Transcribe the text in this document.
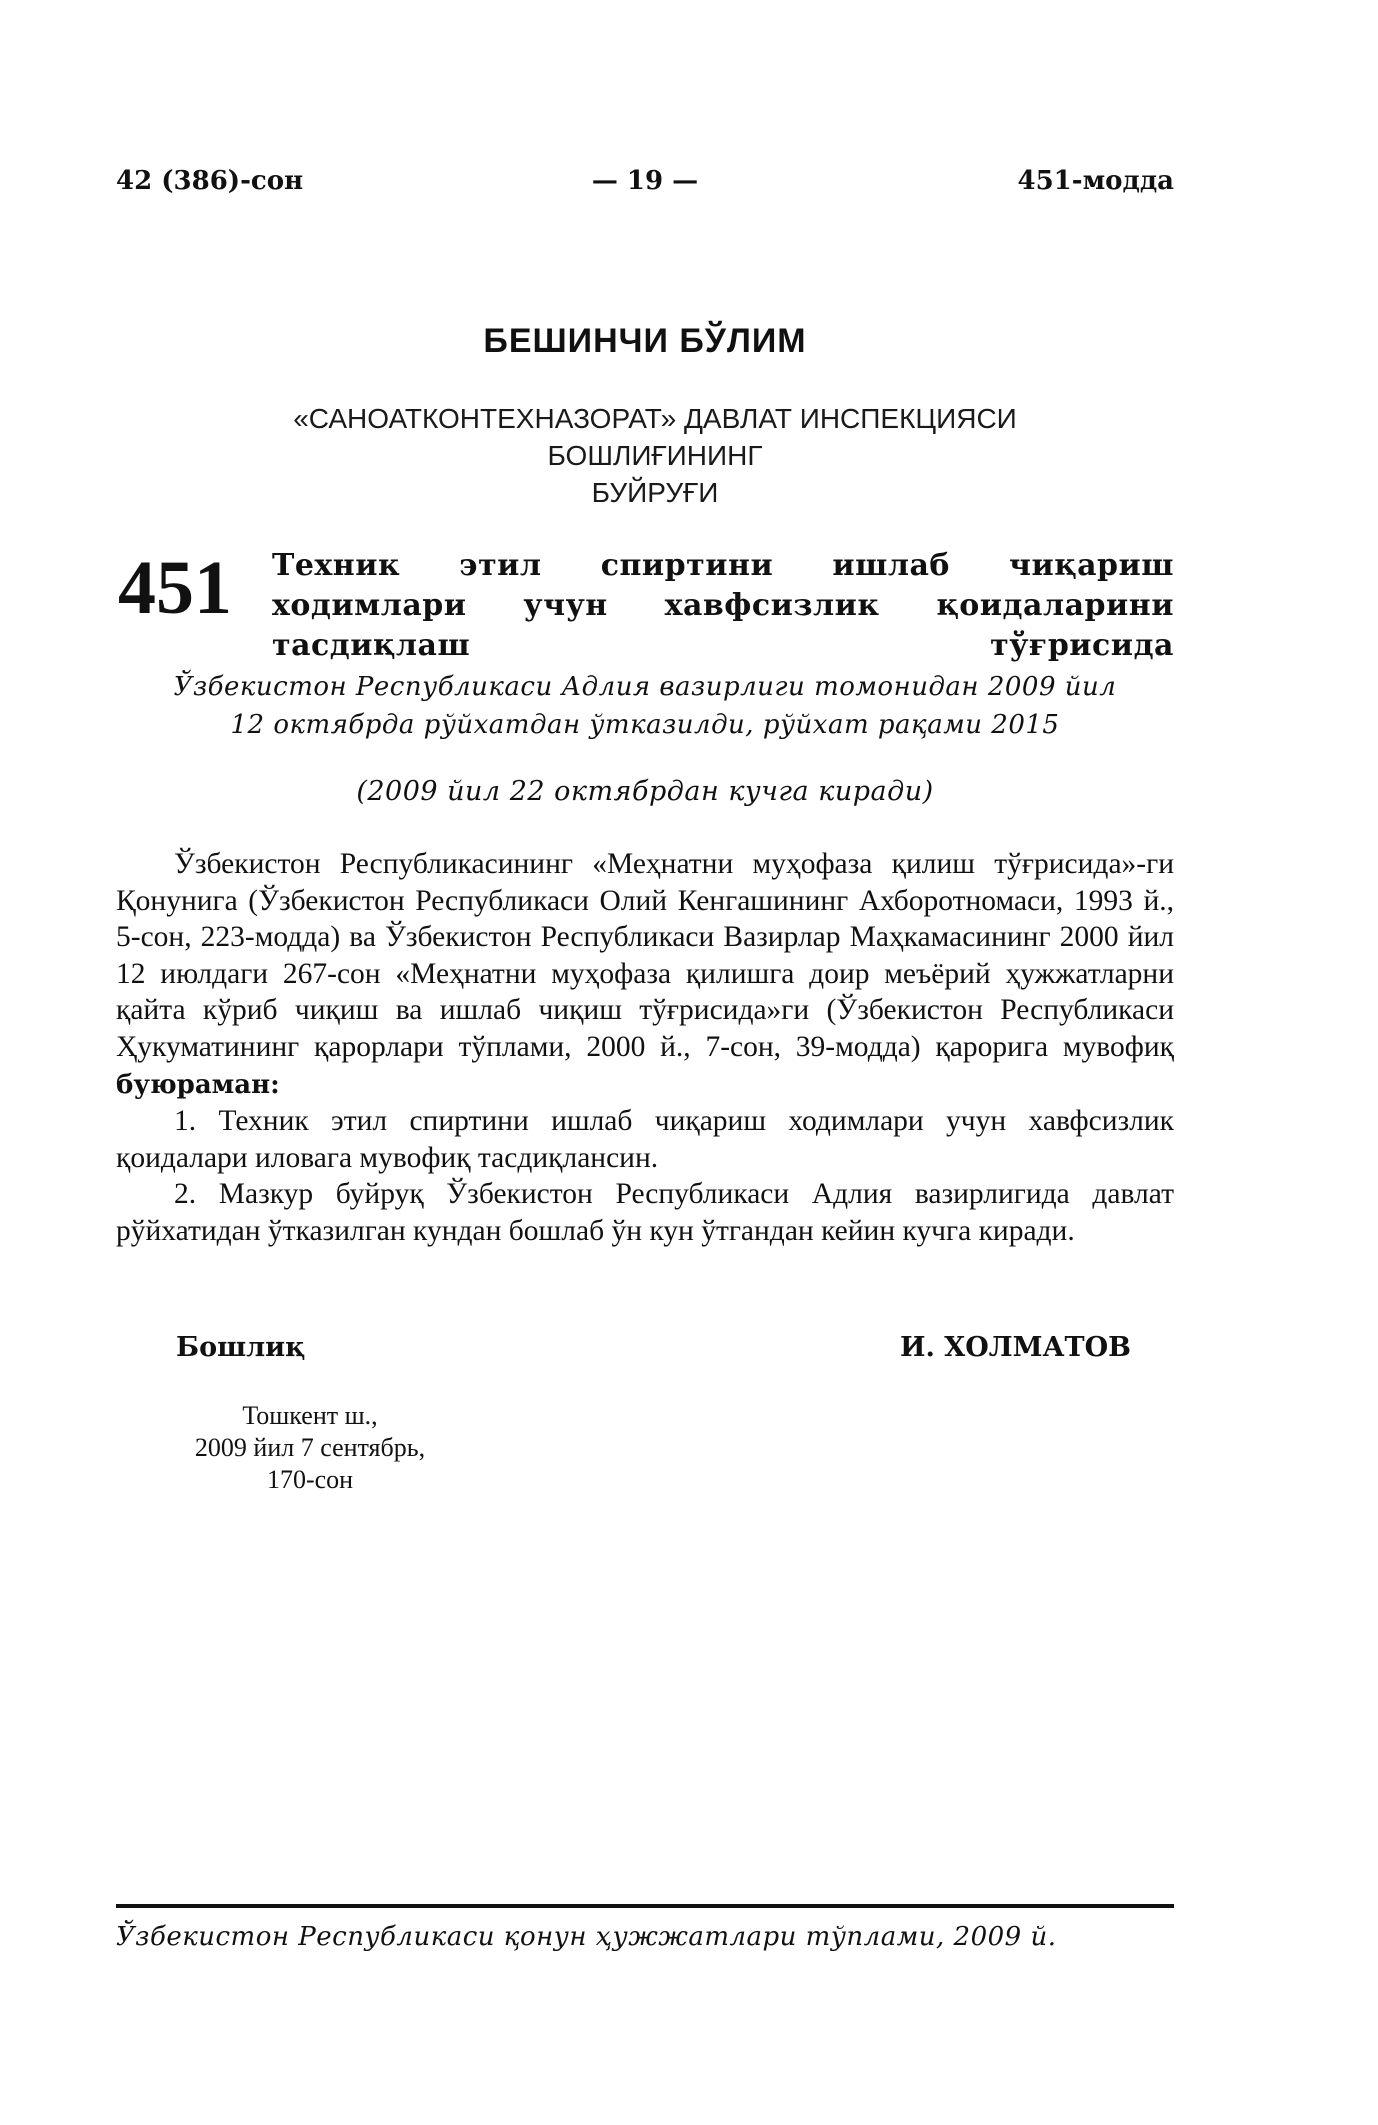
42 (386)-сон	— 19 —	451-модда
БЕШИНЧИ БЎЛИМ
«САНОАТКОНТЕХНАЗОРАТ» ДАВЛАТ ИНСПЕКЦИЯСИ
БОШЛИҒИНИНГ
БУЙРУҒИ
451 Техник этил спиртини ишлаб чиқариш ходимлари учун хавфсизлик қоидаларини тасдиқлаш тўғрисида
Ўзбекистон Республикаси Адлия вазирлиги томонидан 2009 йил
12 октябрда рўйхатдан ўтказилди, рўйхат рақами 2015
(2009 йил 22 октябрдан кучга киради)

Ўзбекистон Республикасининг «Меҳнатни муҳофаза қилиш тўғрисида»-ги Қонунига (Ўзбекистон Республикаси Олий Кенгашининг Ахборотномаси, 1993 й., 5-сон, 223-модда) ва Ўзбекистон Республикаси Вазирлар Маҳкамасининг 2000 йил 12 июлдаги 267-сон «Меҳнатни муҳофаза қилишга доир меъёрий ҳужжатларни қайта кўриб чиқиш ва ишлаб чиқиш тўғрисида»ги (Ўзбекистон Республикаси Ҳукуматининг қарорлари тўплами, 2000 й., 7-сон, 39-модда) қарорига мувофиқ буюраман:

1. Техник этил спиртини ишлаб чиқариш ходимлари учун хавфсизлик қоидалари иловага мувофиқ тасдиқлансин.

2. Мазкур буйруқ Ўзбекистон Республикаси Адлия вазирлигида давлат рўйхатидан ўтказилган кундан бошлаб ўн кун ўтгандан кейин кучга киради.

Бошлиқ	И. ХОЛМАТОВ
Тошкент ш.,
2009 йил 7 сентябрь,
170-сон
Ўзбекистон Республикаси қонун ҳужжатлари тўплами, 2009 й.
